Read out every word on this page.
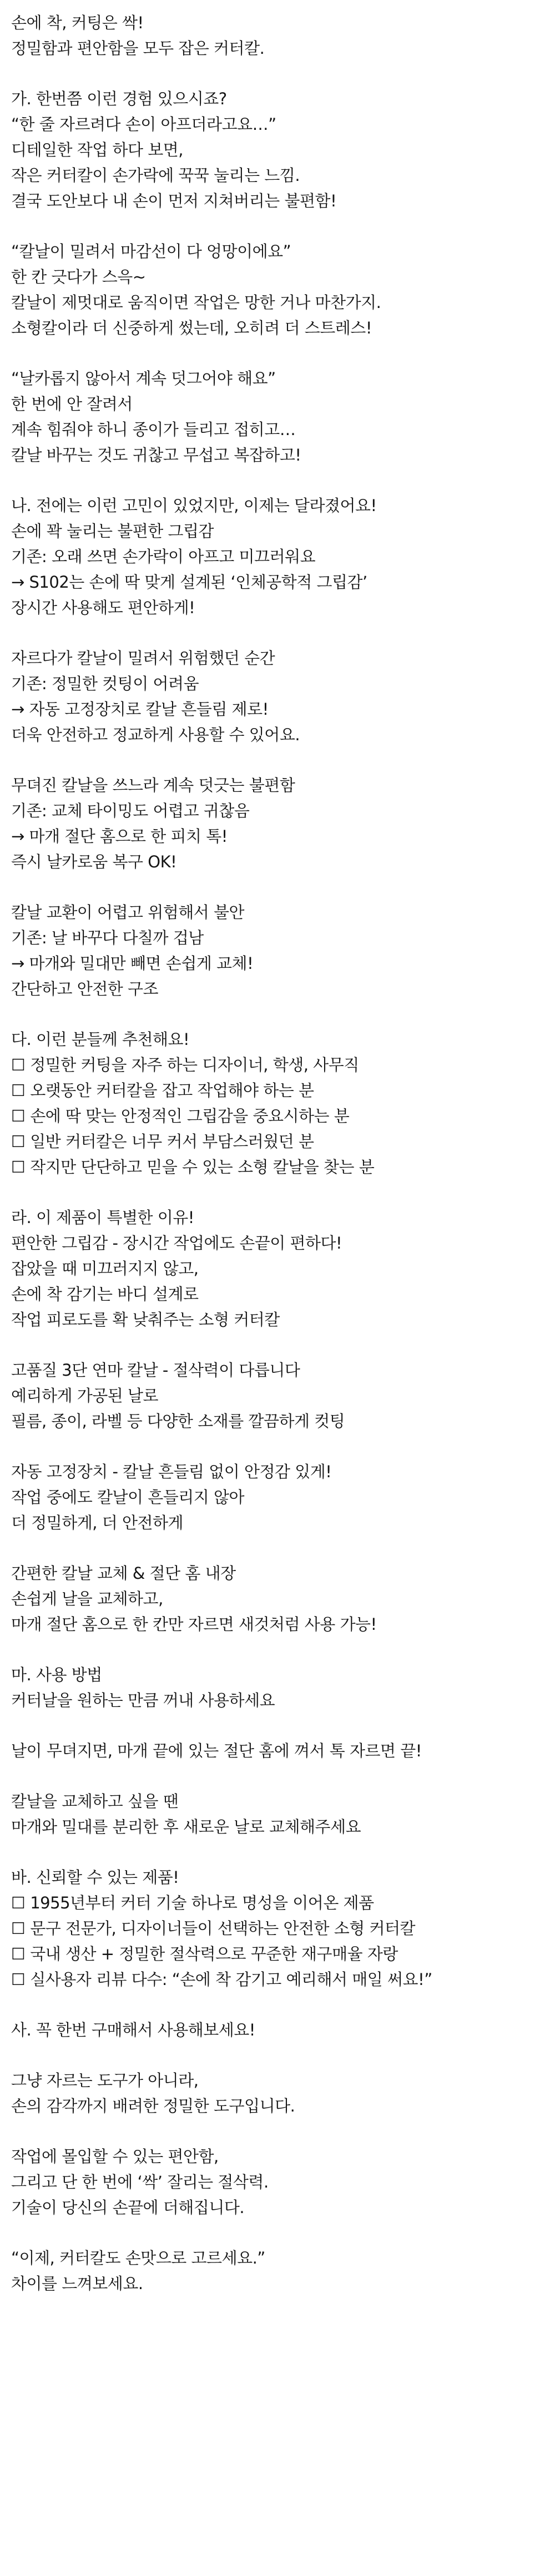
손에 착, 커팅은 싹!
정밀함과 편안함을 모두 잡은 커터칼.
가. 한번쯤 이런 경험 있으시죠?
“한 줄 자르려다 손이 아프더라고요…”
디테일한 작업 하다 보면,
작은 커터칼이 손가락에 꾹꾹 눌리는 느낌.
결국 도안보다 내 손이 먼저 지쳐버리는 불편함!
“칼날이 밀려서 마감선이 다 엉망이에요”
한 칸 긋다가 스윽~
칼날이 제멋대로 움직이면 작업은 망한 거나 마찬가지.
소형칼이라 더 신중하게 썼는데, 오히려 더 스트레스!
“날카롭지 않아서 계속 덧그어야 해요”
한 번에 안 잘려서
계속 힘줘야 하니 종이가 들리고 접히고…
칼날 바꾸는 것도 귀찮고 무섭고 복잡하고!
나. 전에는 이런 고민이 있었지만, 이제는 달라졌어요!
손에 꽉 눌리는 불편한 그립감
기존: 오래 쓰면 손가락이 아프고 미끄러워요
→ S102는 손에 딱 맞게 설계된 ‘인체공학적 그립감’
장시간 사용해도 편안하게!
자르다가 칼날이 밀려서 위험했던 순간
기존: 정밀한 컷팅이 어려움
→ 자동 고정장치로 칼날 흔들림 제로!
더욱 안전하고 정교하게 사용할 수 있어요.
무뎌진 칼날을 쓰느라 계속 덧긋는 불편함
기존: 교체 타이밍도 어렵고 귀찮음
→ 마개 절단 홈으로 한 피치 톡!
즉시 날카로움 복구 OK!
칼날 교환이 어렵고 위험해서 불안
기존: 날 바꾸다 다칠까 겁남
→ 마개와 밀대만 빼면 손쉽게 교체!
간단하고 안전한 구조
다. 이런 분들께 추천해요!
☐ 정밀한 커팅을 자주 하는 디자이너, 학생, 사무직
☐ 오랫동안 커터칼을 잡고 작업해야 하는 분
☐ 손에 딱 맞는 안정적인 그립감을 중요시하는 분
☐ 일반 커터칼은 너무 커서 부담스러웠던 분
☐ 작지만 단단하고 믿을 수 있는 소형 칼날을 찾는 분
라. 이 제품이 특별한 이유!
편안한 그립감 - 장시간 작업에도 손끝이 편하다!
잡았을 때 미끄러지지 않고,
손에 착 감기는 바디 설계로
작업 피로도를 확 낮춰주는 소형 커터칼
고품질 3단 연마 칼날 - 절삭력이 다릅니다
예리하게 가공된 날로
필름, 종이, 라벨 등 다양한 소재를 깔끔하게 컷팅
자동 고정장치 - 칼날 흔들림 없이 안정감 있게!
작업 중에도 칼날이 흔들리지 않아
더 정밀하게, 더 안전하게
간편한 칼날 교체 & 절단 홈 내장
손쉽게 날을 교체하고,
마개 절단 홈으로 한 칸만 자르면 새것처럼 사용 가능!
마. 사용 방법
커터날을 원하는 만큼 꺼내 사용하세요
날이 무뎌지면, 마개 끝에 있는 절단 홈에 껴서 톡 자르면 끝!
칼날을 교체하고 싶을 땐
마개와 밀대를 분리한 후 새로운 날로 교체해주세요
바. 신뢰할 수 있는 제품!
☐ 1955년부터 커터 기술 하나로 명성을 이어온 제품
☐ 문구 전문가, 디자이너들이 선택하는 안전한 소형 커터칼
☐ 국내 생산 + 정밀한 절삭력으로 꾸준한 재구매율 자랑
☐ 실사용자 리뷰 다수: “손에 착 감기고 예리해서 매일 써요!”
사. 꼭 한번 구매해서 사용해보세요!
그냥 자르는 도구가 아니라,
손의 감각까지 배려한 정밀한 도구입니다.
작업에 몰입할 수 있는 편안함,
그리고 단 한 번에 ‘싹’ 잘리는 절삭력.
기술이 당신의 손끝에 더해집니다.
“이제, 커터칼도 손맛으로 고르세요.”
차이를 느껴보세요.
